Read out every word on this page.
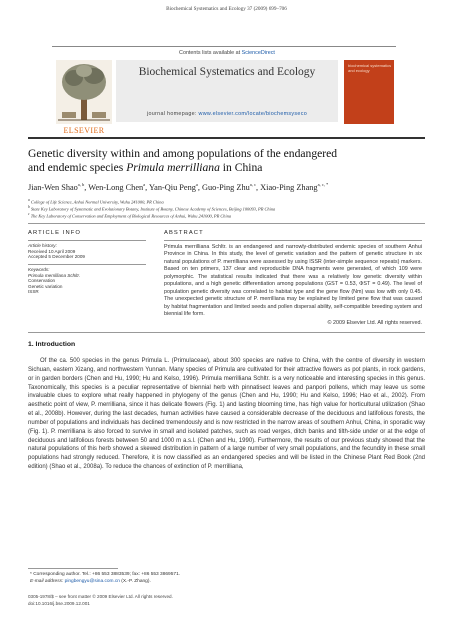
Biochemical Systematics and Ecology 37 (2009) 699–706
ELSEVIER
Contents lists available at ScienceDirect
Biochemical Systematics and Ecology
journal homepage: www.elsevier.com/locate/biochemsyseco
biochemical systematics and ecology
Genetic diversity within and among populations of the endangered
and endemic species Primula merrilliana in China
Jian-Wen Shao$^{a, b}$, Wen-Long Chen$^a$, Yan-Qiu Peng$^a$, Guo-Ping Zhu$^{a, c}$, Xiao-Ping Zhang$^{a, c, *}$
$^a$ College of Life Science, Anhui Normal University, Wuhu 241000, PR China
$^b$ State Key Laboratory of Systematic and Evolutionary Botany, Institute of Botany, Chinese Academy of Sciences, Beijing 100093, PR China
$^c$ The Key Laboratory of Conservation and Employment of Biological Resources of Anhui, Wuhu 241000, PR China
ARTICLE INFO
Article history:
Received 10 April 2009
Accepted 5 December 2009
Keywords:
Primula merrilliana Schltr.
Conservation
Genetic variation
ISSR
ABSTRACT
Primula merrilliana Schltr. is an endangered and narrowly-distributed endemic species of southern Anhui Province in China. In this study, the level of genetic variation and the pattern of genetic structure in six natural populations of P. merrilliana were assessed by using ISSR (inter-simple sequence repeats) markers. Based on ten primers, 137 clear and reproducible DNA fragments were generated, of which 109 were polymorphic. The statistical results indicated that there was a relatively low genetic diversity within populations, and a high genetic differentiation among populations (GST = 0.53, ΦST = 0.49). The level of population genetic diversity was correlated to habitat type and the gene flow (Nm) was low with only 0.45. The unexpected genetic structure of P. merrilliana may be explained by limited gene flow that was caused by habitat fragmentation and limited seeds and pollen dispersal ability, self-compatible breeding system and biennial life form.
© 2009 Elsevier Ltd. All rights reserved.
1. Introduction
Of the ca. 500 species in the genus Primula L. (Primulaceae), about 300 species are native to China, with the centre of diversity in western Sichuan, eastern Xizang, and northwestern Yunnan. Many species of Primula are cultivated for their attractive flowers as pot plants, in rock gardens, or in garden borders (Chen and Hu, 1990; Hu and Kelso, 1996). Primula merrilliana Schltr. is a very noticeable and interesting species in this genus. Taxonomically, this species is a peculiar representative of biennial herb with pinnatisect leaves and panpori pollens, which may leave us some invaluable clues to explore what really happened in phylogeny of the genus (Chen and Hu, 1990; Hu and Kelso, 1996; Hao et al., 2002). From aesthetic point of view, P. merrilliana, since it has delicate flowers (Fig. 1) and lasting blooming time, has high value for horticultural utilization (Shao et al., 2008b). However, during the last decades, human activities have caused a considerable decrease of the deciduous and latifolious forests, the number of populations and individuals has declined tremendously and is now restricted in the narrow areas of southern Anhui, China, in sporadic way (Fig. 1). P. merrilliana is also forced to survive in small and isolated patches, such as road verges, ditch banks and tilth-side under or at the edge of deciduous and latifolious forests between 50 and 1000 m a.s.l. (Chen and Hu, 1990). Furthermore, the results of our previous study showed that the natural populations of this herb showed a skewed distribution in pattern of a large number of very small populations, and the fecundity in these small populations had strongly reduced. Therefore, it is now classified as an endangered species and will be listed in the Chinese Plant Red Book (2nd edition) (Shao et al., 2008a). To reduce the chances of extinction of P. merrilliana,
* Corresponding author. Tel.: +86 553 3883539; fax: +86 553 3869571.
E-mail address: pingbengyu@sina.com.cn (X.-P. Zhang).
0305-1978/$ – see front matter © 2009 Elsevier Ltd. All rights reserved.
doi:10.1016/j.bse.2009.12.001
